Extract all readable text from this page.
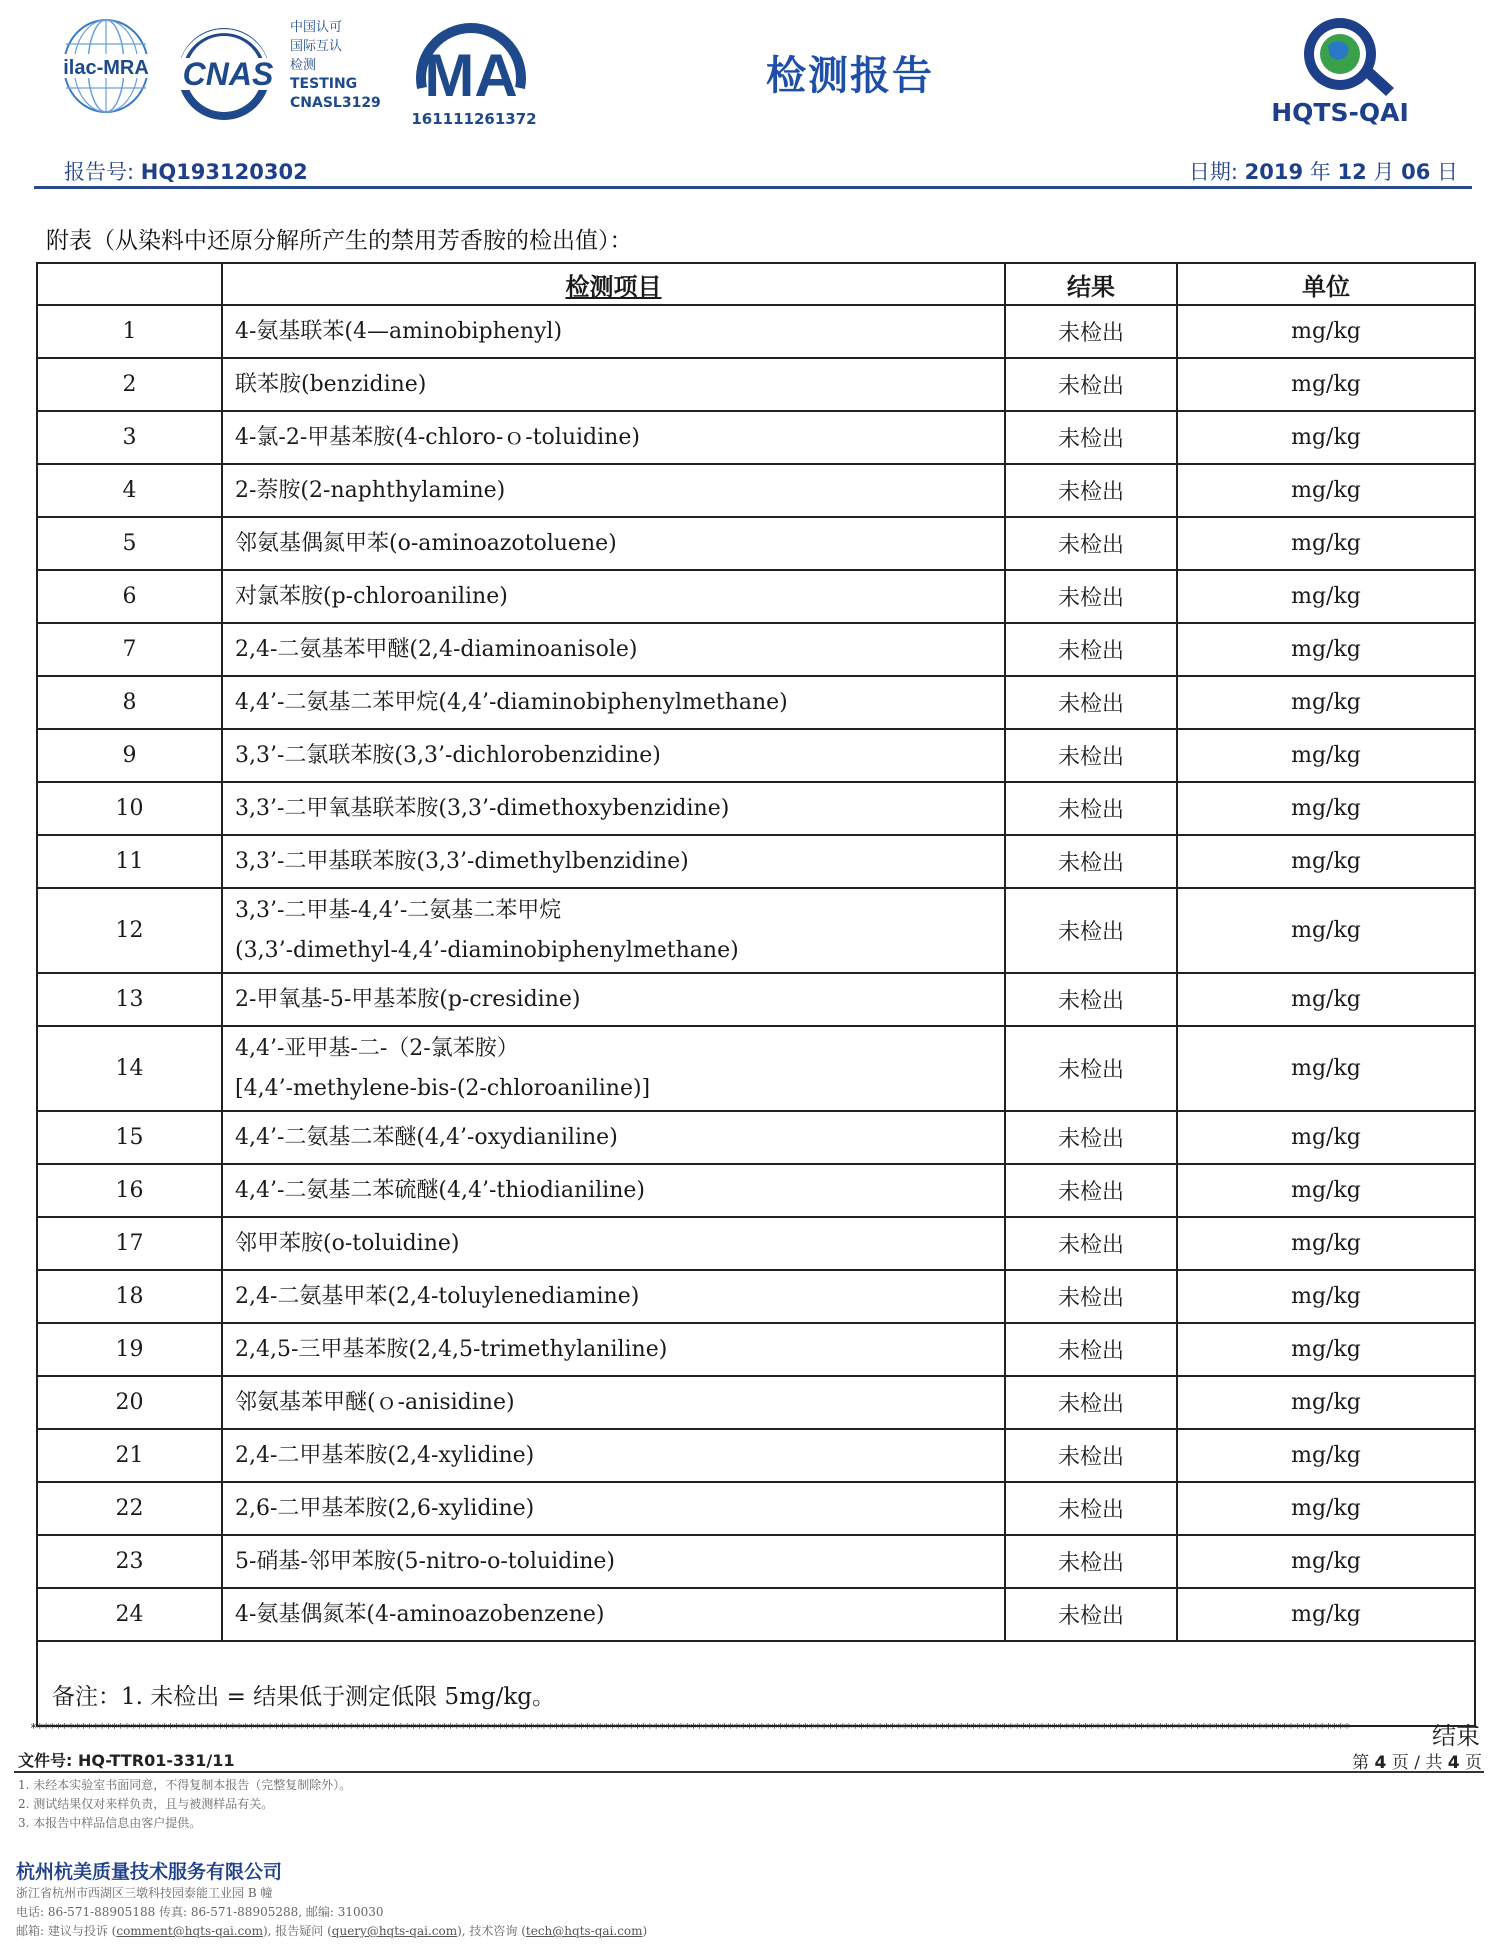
ilac-MRA CNAS
中国认可
国际互认
检测
TESTING
CNASL3129 MA
161111261372
检测报告
HQTS-QAI
报告号: HQ193120302	日期: 2019 年 12 月 06 日
附表（从染料中还原分解所产生的禁用芳香胺的检出值）：
	检测项目	结果	单位
1	4-氨基联苯(4—aminobiphenyl)	未检出	mg/kg
2	联苯胺(benzidine)	未检出	mg/kg
3	4-氯-2-甲基苯胺(4-chloro-ｏ-toluidine)	未检出	mg/kg
4	2-萘胺(2-naphthylamine)	未检出	mg/kg
5	邻氨基偶氮甲苯(o-aminoazotoluene)	未检出	mg/kg
6	对氯苯胺(p-chloroaniline)	未检出	mg/kg
7	2,4-二氨基苯甲醚(2,4-diaminoanisole)	未检出	mg/kg
8	4,4’-二氨基二苯甲烷(4,4’-diaminobiphenylmethane)	未检出	mg/kg
9	3,3’-二氯联苯胺(3,3’-dichlorobenzidine)	未检出	mg/kg
10	3,3’-二甲氧基联苯胺(3,3’-dimethoxybenzidine)	未检出	mg/kg
11	3,3’-二甲基联苯胺(3,3’-dimethylbenzidine)	未检出	mg/kg
12	3,3’-二甲基-4,4’-二氨基二苯甲烷
(3,3’-dimethyl-4,4’-diaminobiphenylmethane)	未检出	mg/kg
13	2-甲氧基-5-甲基苯胺(p-cresidine)	未检出	mg/kg
14	4,4’-亚甲基-二-（2-氯苯胺）
[4,4’-methylene-bis-(2-chloroaniline)]	未检出	mg/kg
15	4,4’-二氨基二苯醚(4,4’-oxydianiline)	未检出	mg/kg
16	4,4’-二氨基二苯硫醚(4,4’-thiodianiline)	未检出	mg/kg
17	邻甲苯胺(o-toluidine)	未检出	mg/kg
18	2,4-二氨基甲苯(2,4-toluylenediamine)	未检出	mg/kg
19	2,4,5-三甲基苯胺(2,4,5-trimethylaniline)	未检出	mg/kg
20	邻氨基苯甲醚(ｏ-anisidine)	未检出	mg/kg
21	2,4-二甲基苯胺(2,4-xylidine)	未检出	mg/kg
22	2,6-二甲基苯胺(2,6-xylidine)	未检出	mg/kg
23	5-硝基-邻甲苯胺(5-nitro-o-toluidine)	未检出	mg/kg
24	4-氨基偶氮苯(4-aminoazobenzene)	未检出	mg/kg

备注：1. 未检出 = 结果低于测定低限 5mg/kg。			
********************************************************************************************************************************************************************************************************************	结束
文件号: HQ-TTR01-331/11	第 4 页 / 共 4 页
1. 未经本实验室书面同意，不得复制本报告（完整复制除外）。
2. 测试结果仅对来样负责，且与被测样品有关。
3. 本报告中样品信息由客户提供。
杭州杭美质量技术服务有限公司
浙江省杭州市西湖区三墩科技园泰能工业园 B 幢
电话: 86-571-88905188 传真: 86-571-88905288, 邮编: 310030
邮箱: 建议与投诉 (comment@hqts-qai.com), 报告疑问 (query@hqts-qai.com), 技术咨询 (tech@hqts-qai.com)
